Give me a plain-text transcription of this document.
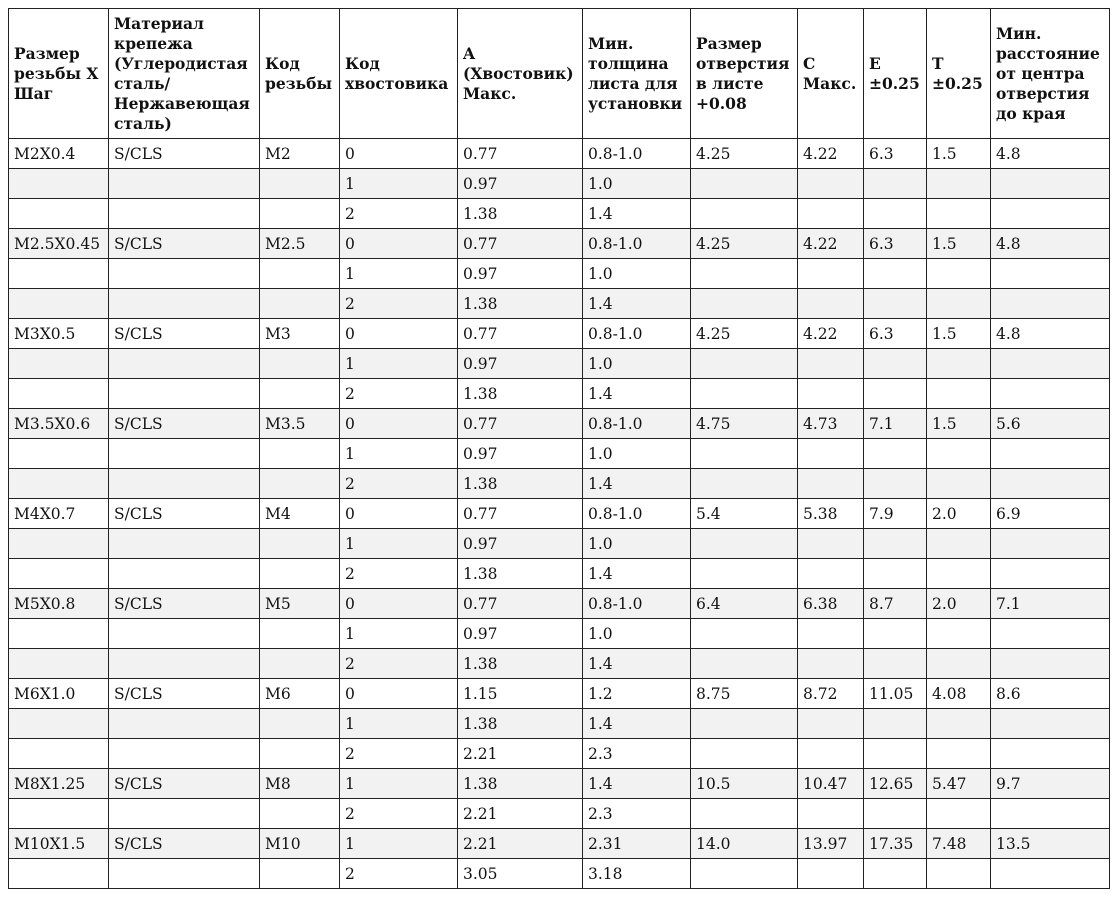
Размер резьбы X Шаг	Материал крепежа (Углеродистая сталь/ Нержавеющая сталь)	Код резьбы	Код хвостовика	A (Хвостовик) Макс.	Мин. толщина листа для установки	Размер отверстия в листе +0.08	C Макс.	E ±0.25	T ±0.25	Мин. расстояние от центра отверстия до края
M2X0.4	S/CLS	M2	0	0.77	0.8-1.0	4.25	4.22	6.3	1.5	4.8
			1	0.97	1.0					
			2	1.38	1.4					
M2.5X0.45	S/CLS	M2.5	0	0.77	0.8-1.0	4.25	4.22	6.3	1.5	4.8
			1	0.97	1.0					
			2	1.38	1.4					
M3X0.5	S/CLS	M3	0	0.77	0.8-1.0	4.25	4.22	6.3	1.5	4.8
			1	0.97	1.0					
			2	1.38	1.4					
M3.5X0.6	S/CLS	M3.5	0	0.77	0.8-1.0	4.75	4.73	7.1	1.5	5.6
			1	0.97	1.0					
			2	1.38	1.4					
M4X0.7	S/CLS	M4	0	0.77	0.8-1.0	5.4	5.38	7.9	2.0	6.9
			1	0.97	1.0					
			2	1.38	1.4					
M5X0.8	S/CLS	M5	0	0.77	0.8-1.0	6.4	6.38	8.7	2.0	7.1
			1	0.97	1.0					
			2	1.38	1.4					
M6X1.0	S/CLS	M6	0	1.15	1.2	8.75	8.72	11.05	4.08	8.6
			1	1.38	1.4					
			2	2.21	2.3					
M8X1.25	S/CLS	M8	1	1.38	1.4	10.5	10.47	12.65	5.47	9.7
			2	2.21	2.3					
M10X1.5	S/CLS	M10	1	2.21	2.31	14.0	13.97	17.35	7.48	13.5
			2	3.05	3.18					
